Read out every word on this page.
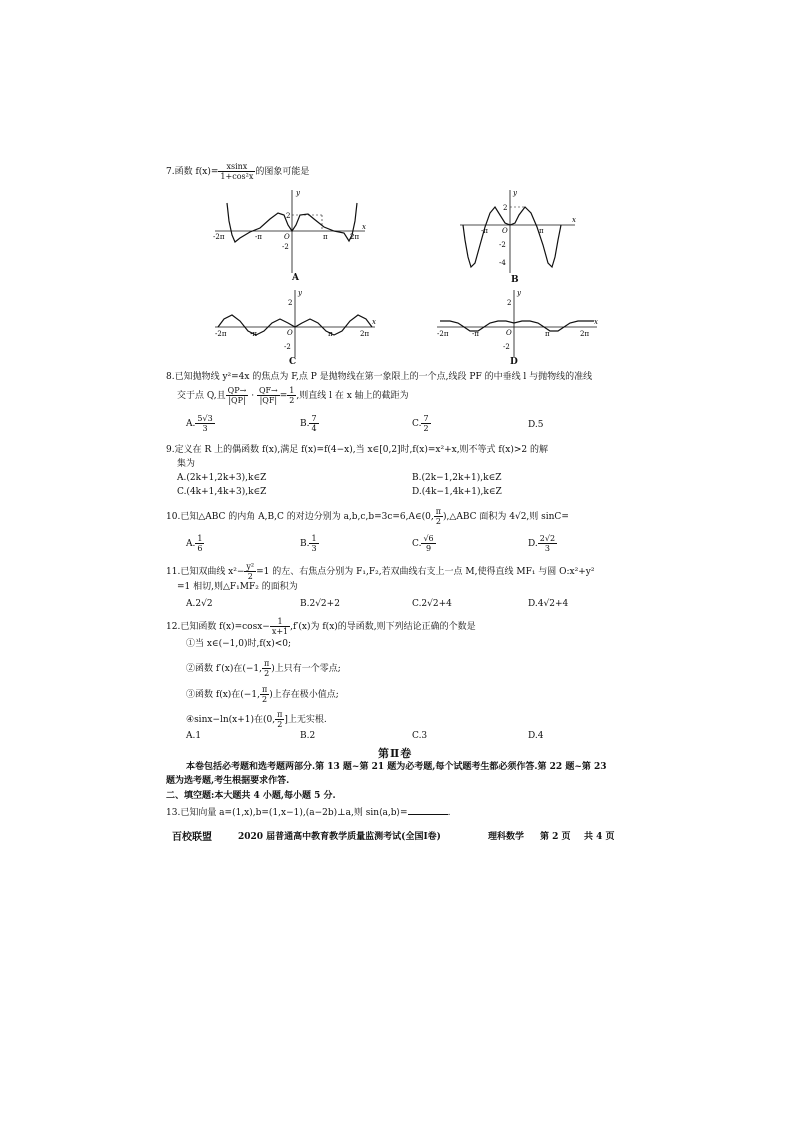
7.函数 $f(x)= \frac{xsinx}{\text{1+cos²x}}$ 的图象可能是
x
y
O
-2π	-π	π	2π
2
-2
A
x
y
O
-π	π
2
-2
-4
B
x
y
O
-2π	-π	π	2π
2
-2
C
x
y
O
-2π	-π	π	2π
2
-2
D
8.已知抛物线 y²=4x 的焦点为 F,点 P 是抛物线在第一象限上的一个点,线段 PF 的中垂线 l 与抛物线的准线
交于点 Q,且 $\frac{QP\to}{|QP|} \cdot \frac{QF\to}{|QF|} = \frac{1}{2}$ ,则直线 l 在 x 轴上的截距为
A. $\frac{5√3}{3}$	B. $\frac{7}{4}$	C. $\frac{7}{2}$	D.5
9.定义在 R 上的偶函数 f(x),满足 f(x)=f(4−x),当 x∈[0,2]时,f(x)=x²+x,则不等式 f(x)>2 的解
集为
A.(2k+1,2k+3),k∈Z	B.(2k−1,2k+1),k∈Z
C.(4k+1,4k+3),k∈Z	D.(4k−1,4k+1),k∈Z
10.已知△ABC 的内角 A,B,C 的对边分别为 a,b,c,b=3c=6,A∈(0, $\frac{\pi}{2}$ ),△ABC 面积为 4√2,则 sinC=
A. $\frac{1}{6}$	B. $\frac{1}{3}$	C. $\frac{√6}{9}$	D. $\frac{2√2}{3}$
11.已知双曲线 $x^2- \frac{\text{y²}}{2} =1$ 的左、右焦点分别为 F₁,F₂,若双曲线右支上一点 M,使得直线 MF₁ 与圆 O:x²+y²
=1 相切,则△F₁MF₂ 的面积为
A.2√2	B.2√2+2	C.2√2+4	D.4√2+4
12.已知函数 $f(x)=\cos x- \frac{1}{x+1} ,f'(x)$为 f(x)的导函数,则下列结论正确的个数是
①当 x∈(−1,0)时,f(x)<0;
②函数 f′(x)在(−1, $\frac{\pi}{2}$ )上只有一个零点;
③函数 f(x)在(−1, $\frac{\pi}{2}$ )上存在极小值点;
④sinx−ln(x+1)在(0, $\frac{\pi}{2}$ ]上无实根.
A.1	B.2	C.3	D.4
第Ⅱ卷
本卷包括必考题和选考题两部分.第 13 题~第 21 题为必考题,每个试题考生都必须作答.第 22 题~第 23
题为选考题,考生根据要求作答.
二、填空题:本大题共 4 小题,每小题 5 分.
13.已知向量 a=(1,x),b=(1,x−1),(a−2b)⊥a,则 sin⟨a,b⟩=	.
百校联盟	2020 届普通高中教育教学质量监测考试(全国Ⅰ卷)	理科数学 第 2 页 共 4 页
